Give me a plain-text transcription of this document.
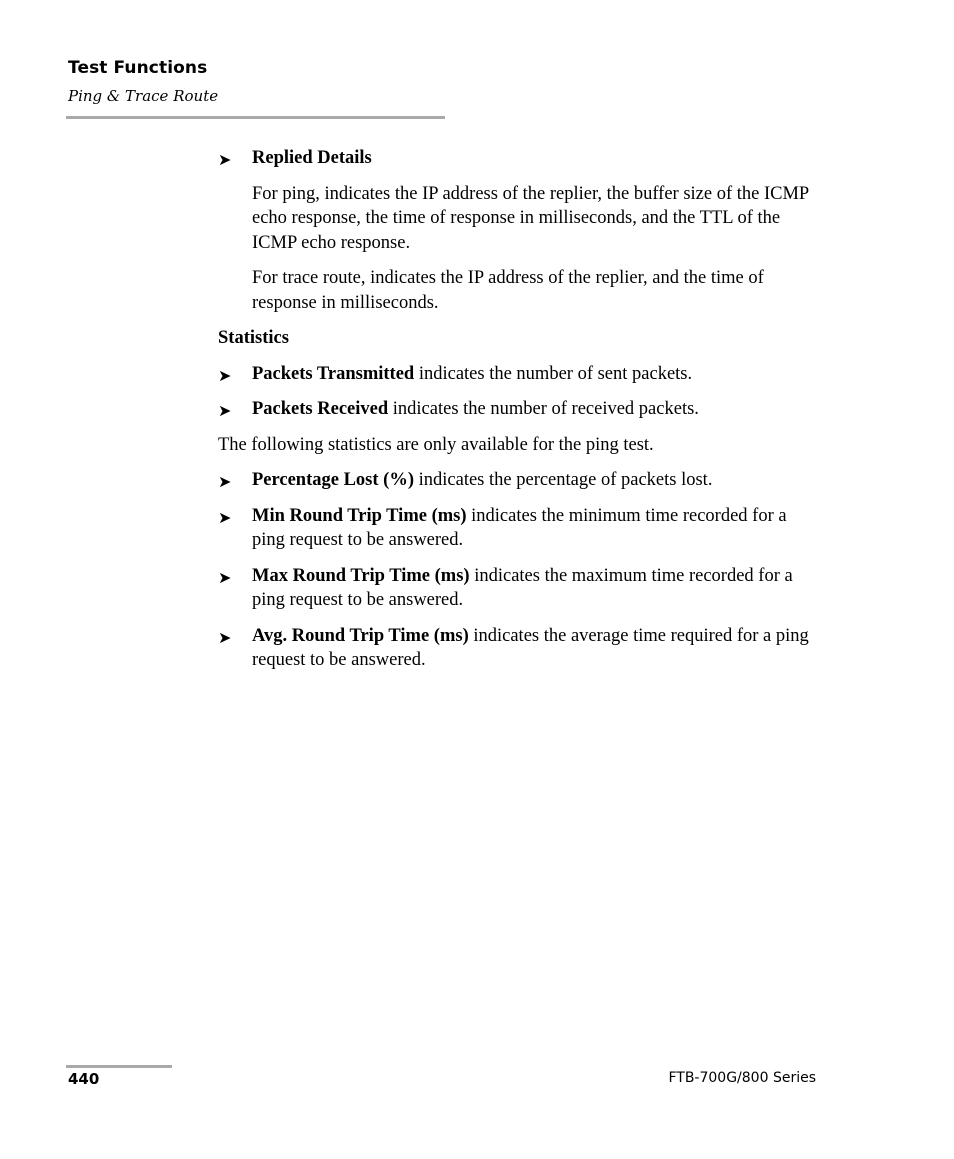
Test Functions
Ping & Trace Route
➤ Replied Details
For ping, indicates the IP address of the replier, the buffer size of the ICMP echo response, the time of response in milliseconds, and the TTL of the ICMP echo response.
For trace route, indicates the IP address of the replier, and the time of response in milliseconds.
Statistics
➤ Packets Transmitted indicates the number of sent packets.
➤ Packets Received indicates the number of received packets.
The following statistics are only available for the ping test.
➤ Percentage Lost (%) indicates the percentage of packets lost.
➤ Min Round Trip Time (ms) indicates the minimum time recorded for a ping request to be answered.
➤ Max Round Trip Time (ms) indicates the maximum time recorded for a ping request to be answered.
➤ Avg. Round Trip Time (ms) indicates the average time required for a ping request to be answered.
440	FTB-700G/800 Series
